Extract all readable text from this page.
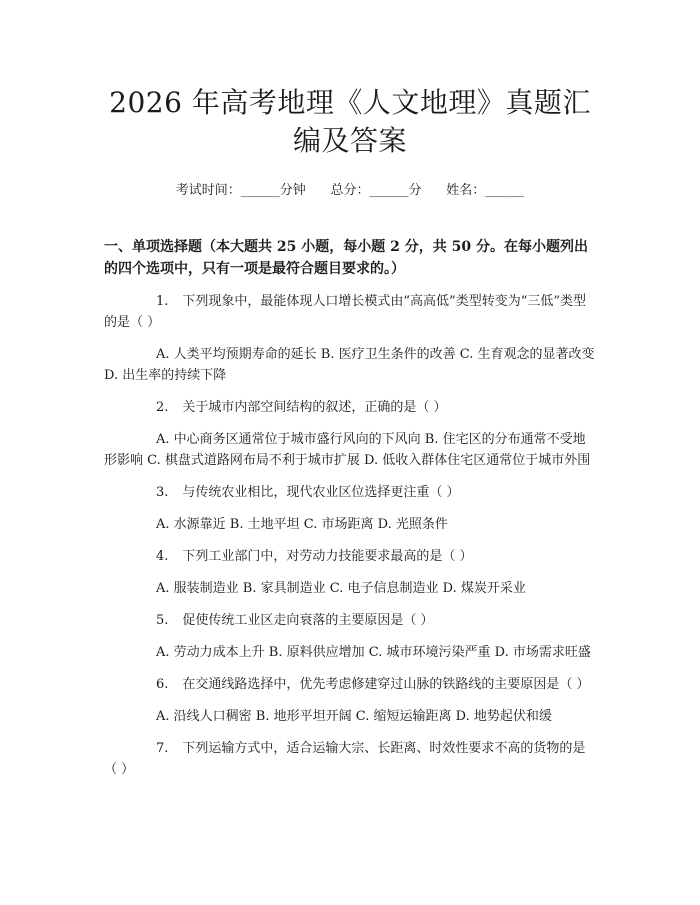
2026 年高考地理《人文地理》真题汇编及答案
考试时间：______分钟      总分：______分      姓名：______
一、单项选择题（本大题共 25 小题，每小题 2 分，共 50 分。在每小题列出的四个选项中，只有一项是最符合题目要求的。）
1. 下列现象中，最能体现人口增长模式由“高高低”类型转变为“三低”类型的是（ ）
A. 人类平均预期寿命的延长 B. 医疗卫生条件的改善 C. 生育观念的显著改变 D. 出生率的持续下降
2. 关于城市内部空间结构的叙述，正确的是（ ）
A. 中心商务区通常位于城市盛行风向的下风向 B. 住宅区的分布通常不受地形影响 C. 棋盘式道路网布局不利于城市扩展 D. 低收入群体住宅区通常位于城市外围
3. 与传统农业相比，现代农业区位选择更注重（ ）
A. 水源靠近 B. 土地平坦 C. 市场距离 D. 光照条件
4. 下列工业部门中，对劳动力技能要求最高的是（ ）
A. 服装制造业 B. 家具制造业 C. 电子信息制造业 D. 煤炭开采业
5. 促使传统工业区走向衰落的主要原因是（ ）
A. 劳动力成本上升 B. 原料供应增加 C. 城市环境污染严重 D. 市场需求旺盛
6. 在交通线路选择中，优先考虑修建穿过山脉的铁路线的主要原因是（ ）
A. 沿线人口稠密 B. 地形平坦开阔 C. 缩短运输距离 D. 地势起伏和缓
7. 下列运输方式中，适合运输大宗、长距离、时效性要求不高的货物的是（ ）
